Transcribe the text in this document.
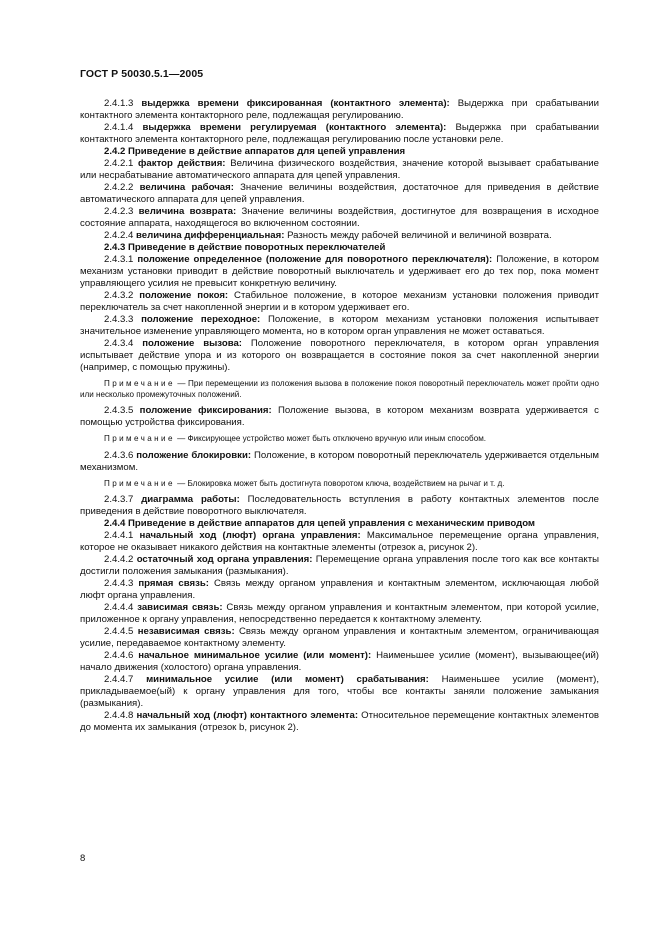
ГОСТ Р 50030.5.1—2005
2.4.1.3 выдержка времени фиксированная (контактного элемента): Выдержка при срабатывании контактного элемента контакторного реле, подлежащая регулированию.
2.4.1.4 выдержка времени регулируемая (контактного элемента): Выдержка при срабатывании контактного элемента контакторного реле, подлежащая регулированию после установки реле.
2.4.2 Приведение в действие аппаратов для цепей управления
2.4.2.1 фактор действия: Величина физического воздействия, значение которой вызывает срабатывание или несрабатывание автоматического аппарата для цепей управления.
2.4.2.2 величина рабочая: Значение величины воздействия, достаточное для приведения в действие автоматического аппарата для цепей управления.
2.4.2.3 величина возврата: Значение величины воздействия, достигнутое для возвращения в исходное состояние аппарата, находящегося во включенном состоянии.
2.4.2.4 величина дифференциальная: Разность между рабочей величиной и величиной возврата.
2.4.3 Приведение в действие поворотных переключателей
2.4.3.1 положение определенное (положение для поворотного переключателя): Положение, в котором механизм установки приводит в действие поворотный выключатель и удерживает его до тех пор, пока момент управляющего усилия не превысит конкретную величину.
2.4.3.2 положение покоя: Стабильное положение, в которое механизм установки положения приводит переключатель за счет накопленной энергии и в котором удерживает его.
2.4.3.3 положение переходное: Положение, в котором механизм установки положения испытывает значительное изменение управляющего момента, но в котором орган управления не может оставаться.
2.4.3.4 положение вызова: Положение поворотного переключателя, в котором орган управления испытывает действие упора и из которого он возвращается в состояние покоя за счет накопленной энергии (например, с помощью пружины).
Примечание — При перемещении из положения вызова в положение покоя поворотный переключатель может пройти одно или несколько промежуточных положений.
2.4.3.5 положение фиксирования: Положение вызова, в котором механизм возврата удерживается с помощью устройства фиксирования.
Примечание — Фиксирующее устройство может быть отключено вручную или иным способом.
2.4.3.6 положение блокировки: Положение, в котором поворотный переключатель удерживается отдельным механизмом.
Примечание — Блокировка может быть достигнута поворотом ключа, воздействием на рычаг и т. д.
2.4.3.7 диаграмма работы: Последовательность вступления в работу контактных элементов после приведения в действие поворотного выключателя.
2.4.4 Приведение в действие аппаратов для цепей управления с механическим приводом
2.4.4.1 начальный ход (люфт) органа управления: Максимальное перемещение органа управления, которое не оказывает никакого действия на контактные элементы (отрезок a, рисунок 2).
2.4.4.2 остаточный ход органа управления: Перемещение органа управления после того как все контакты достигли положения замыкания (размыкания).
2.4.4.3 прямая связь: Связь между органом управления и контактным элементом, исключающая любой люфт органа управления.
2.4.4.4 зависимая связь: Связь между органом управления и контактным элементом, при которой усилие, приложенное к органу управления, непосредственно передается к контактному элементу.
2.4.4.5 независимая связь: Связь между органом управления и контактным элементом, ограничивающая усилие, передаваемое контактному элементу.
2.4.4.6 начальное минимальное усилие (или момент): Наименьшее усилие (момент), вызывающее(ий) начало движения (холостого) органа управления.
2.4.4.7 минимальное усилие (или момент) срабатывания: Наименьшее усилие (момент), прикладываемое(ый) к органу управления для того, чтобы все контакты заняли положение замыкания (размыкания).
2.4.4.8 начальный ход (люфт) контактного элемента: Относительное перемещение контактных элементов до момента их замыкания (отрезок b, рисунок 2).
8
